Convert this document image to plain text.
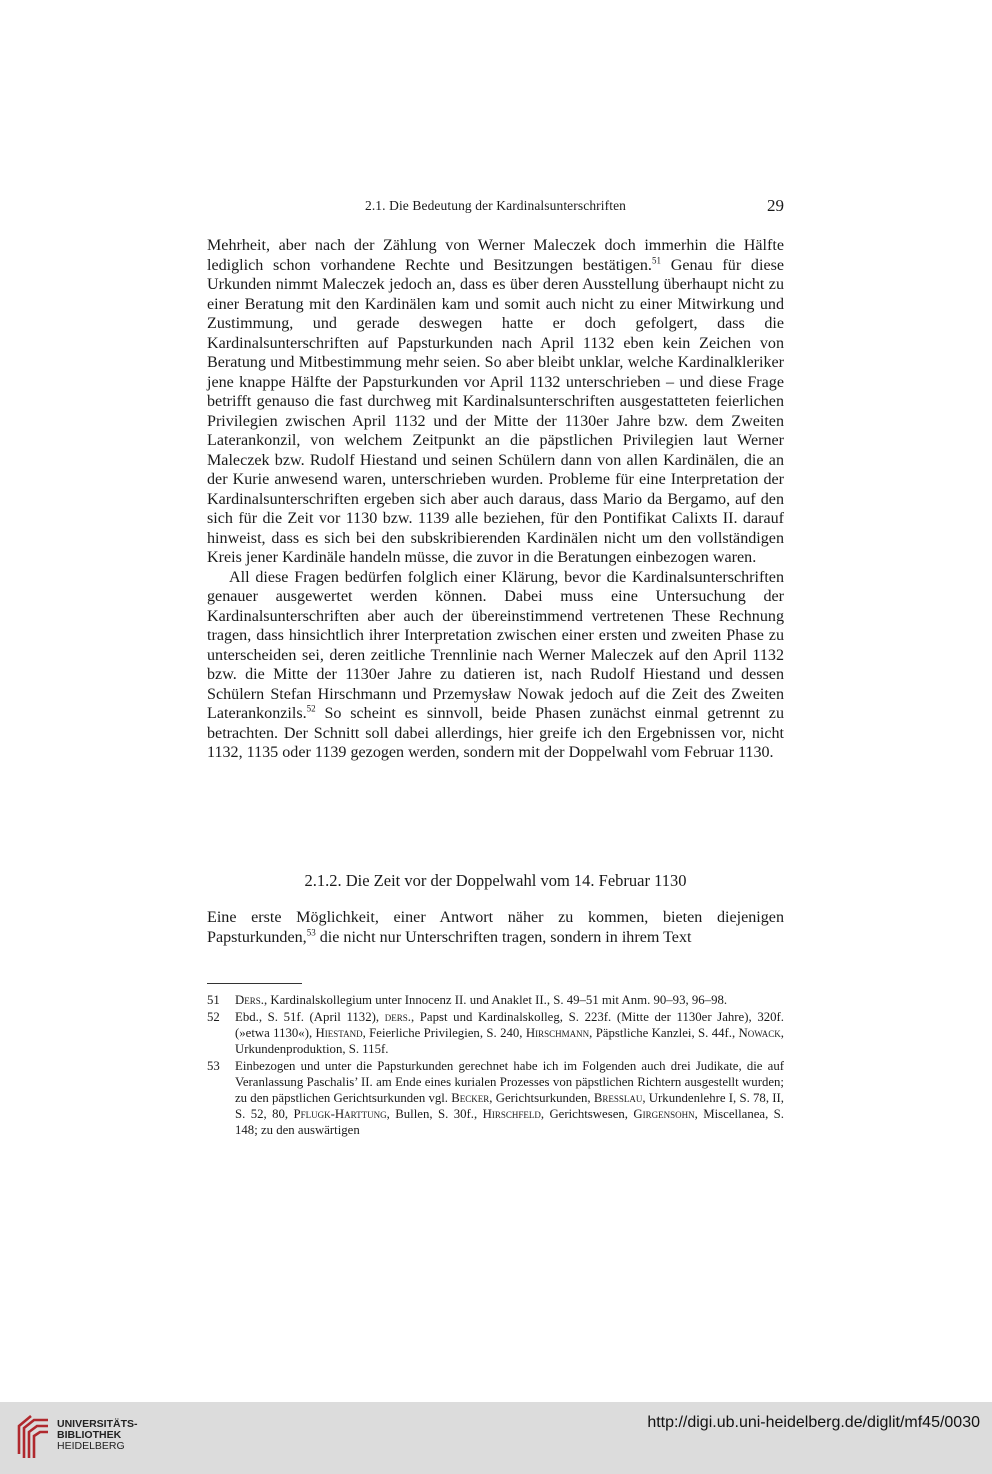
2.1. Die Bedeutung der Kardinalsunterschriften	29

Mehrheit, aber nach der Zählung von Werner Maleczek doch immerhin die Hälfte lediglich schon vorhandene Rechte und Besitzungen bestätigen.$^{51}$ Genau für diese Urkunden nimmt Maleczek jedoch an, dass es über deren Ausstellung überhaupt nicht zu einer Beratung mit den Kardinälen kam und somit auch nicht zu einer Mitwirkung und Zustimmung, und gerade deswegen hatte er doch gefolgert, dass die Kardinalsunterschriften auf Papsturkunden nach April 1132 eben kein Zeichen von Beratung und Mitbestimmung mehr seien. So aber bleibt unklar, welche Kardinalkleriker jene knappe Hälfte der Papsturkunden vor April 1132 unterschrieben – und diese Frage betrifft genauso die fast durchweg mit Kardinalsunterschriften ausgestatteten feierlichen Privilegien zwischen April 1132 und der Mitte der 1130er Jahre bzw. dem Zweiten Laterankonzil, von welchem Zeitpunkt an die päpstlichen Privilegien laut Werner Maleczek bzw. Rudolf Hiestand und seinen Schülern dann von allen Kardinälen, die an der Kurie anwesend waren, unterschrieben wurden. Probleme für eine Interpretation der Kardinalsunterschriften ergeben sich aber auch daraus, dass Mario da Bergamo, auf den sich für die Zeit vor 1130 bzw. 1139 alle beziehen, für den Pontifikat Calixts II. darauf hinweist, dass es sich bei den subskribierenden Kardinälen nicht um den vollständigen Kreis jener Kardinäle handeln müsse, die zuvor in die Beratungen einbezogen waren.

All diese Fragen bedürfen folglich einer Klärung, bevor die Kardinalsunterschriften genauer ausgewertet werden können. Dabei muss eine Untersuchung der Kardinalsunterschriften aber auch der übereinstimmend vertretenen These Rechnung tragen, dass hinsichtlich ihrer Interpretation zwischen einer ersten und zweiten Phase zu unterscheiden sei, deren zeitliche Trennlinie nach Werner Maleczek auf den April 1132 bzw. die Mitte der 1130er Jahre zu datieren ist, nach Rudolf Hiestand und dessen Schülern Stefan Hirschmann und Przemysław Nowak jedoch auf die Zeit des Zweiten Laterankonzils.$^{52}$ So scheint es sinnvoll, beide Phasen zunächst einmal getrennt zu betrachten. Der Schnitt soll dabei allerdings, hier greife ich den Ergebnissen vor, nicht 1132, 1135 oder 1139 gezogen werden, sondern mit der Doppelwahl vom Februar 1130.

2.1.2. Die Zeit vor der Doppelwahl vom 14. Februar 1130

Eine erste Möglichkeit, einer Antwort näher zu kommen, bieten diejenigen Papsturkunden,$^{53}$ die nicht nur Unterschriften tragen, sondern in ihrem Text

51 Ders., Kardinalskollegium unter Innocenz II. und Anaklet II., S. 49–51 mit Anm. 90–93, 96–98.
52 Ebd., S. 51f. (April 1132), ders., Papst und Kardinalskolleg, S. 223f. (Mitte der 1130er Jahre), 320f. (»etwa 1130«), Hiestand, Feierliche Privilegien, S. 240, Hirschmann, Päpstliche Kanzlei, S. 44f., Nowack, Urkundenproduktion, S. 115f.
53 Einbezogen und unter die Papsturkunden gerechnet habe ich im Folgenden auch drei Judikate, die auf Veranlassung Paschalis’ II. am Ende eines kurialen Prozesses von päpstlichen Richtern ausgestellt wurden; zu den päpstlichen Gerichtsurkunden vgl. Becker, Gerichtsurkunden, Bresslau, Urkundenlehre I, S. 78, II, S. 52, 80, Pflugk-Harttung, Bullen, S. 30f., Hirschfeld, Gerichtswesen, Girgensohn, Miscellanea, S. 148; zu den auswärtigen
UNIVERSITÄTS-
BIBLIOTHEK
HEIDELBERG
http://digi.ub.uni-heidelberg.de/diglit/mf45/0030
